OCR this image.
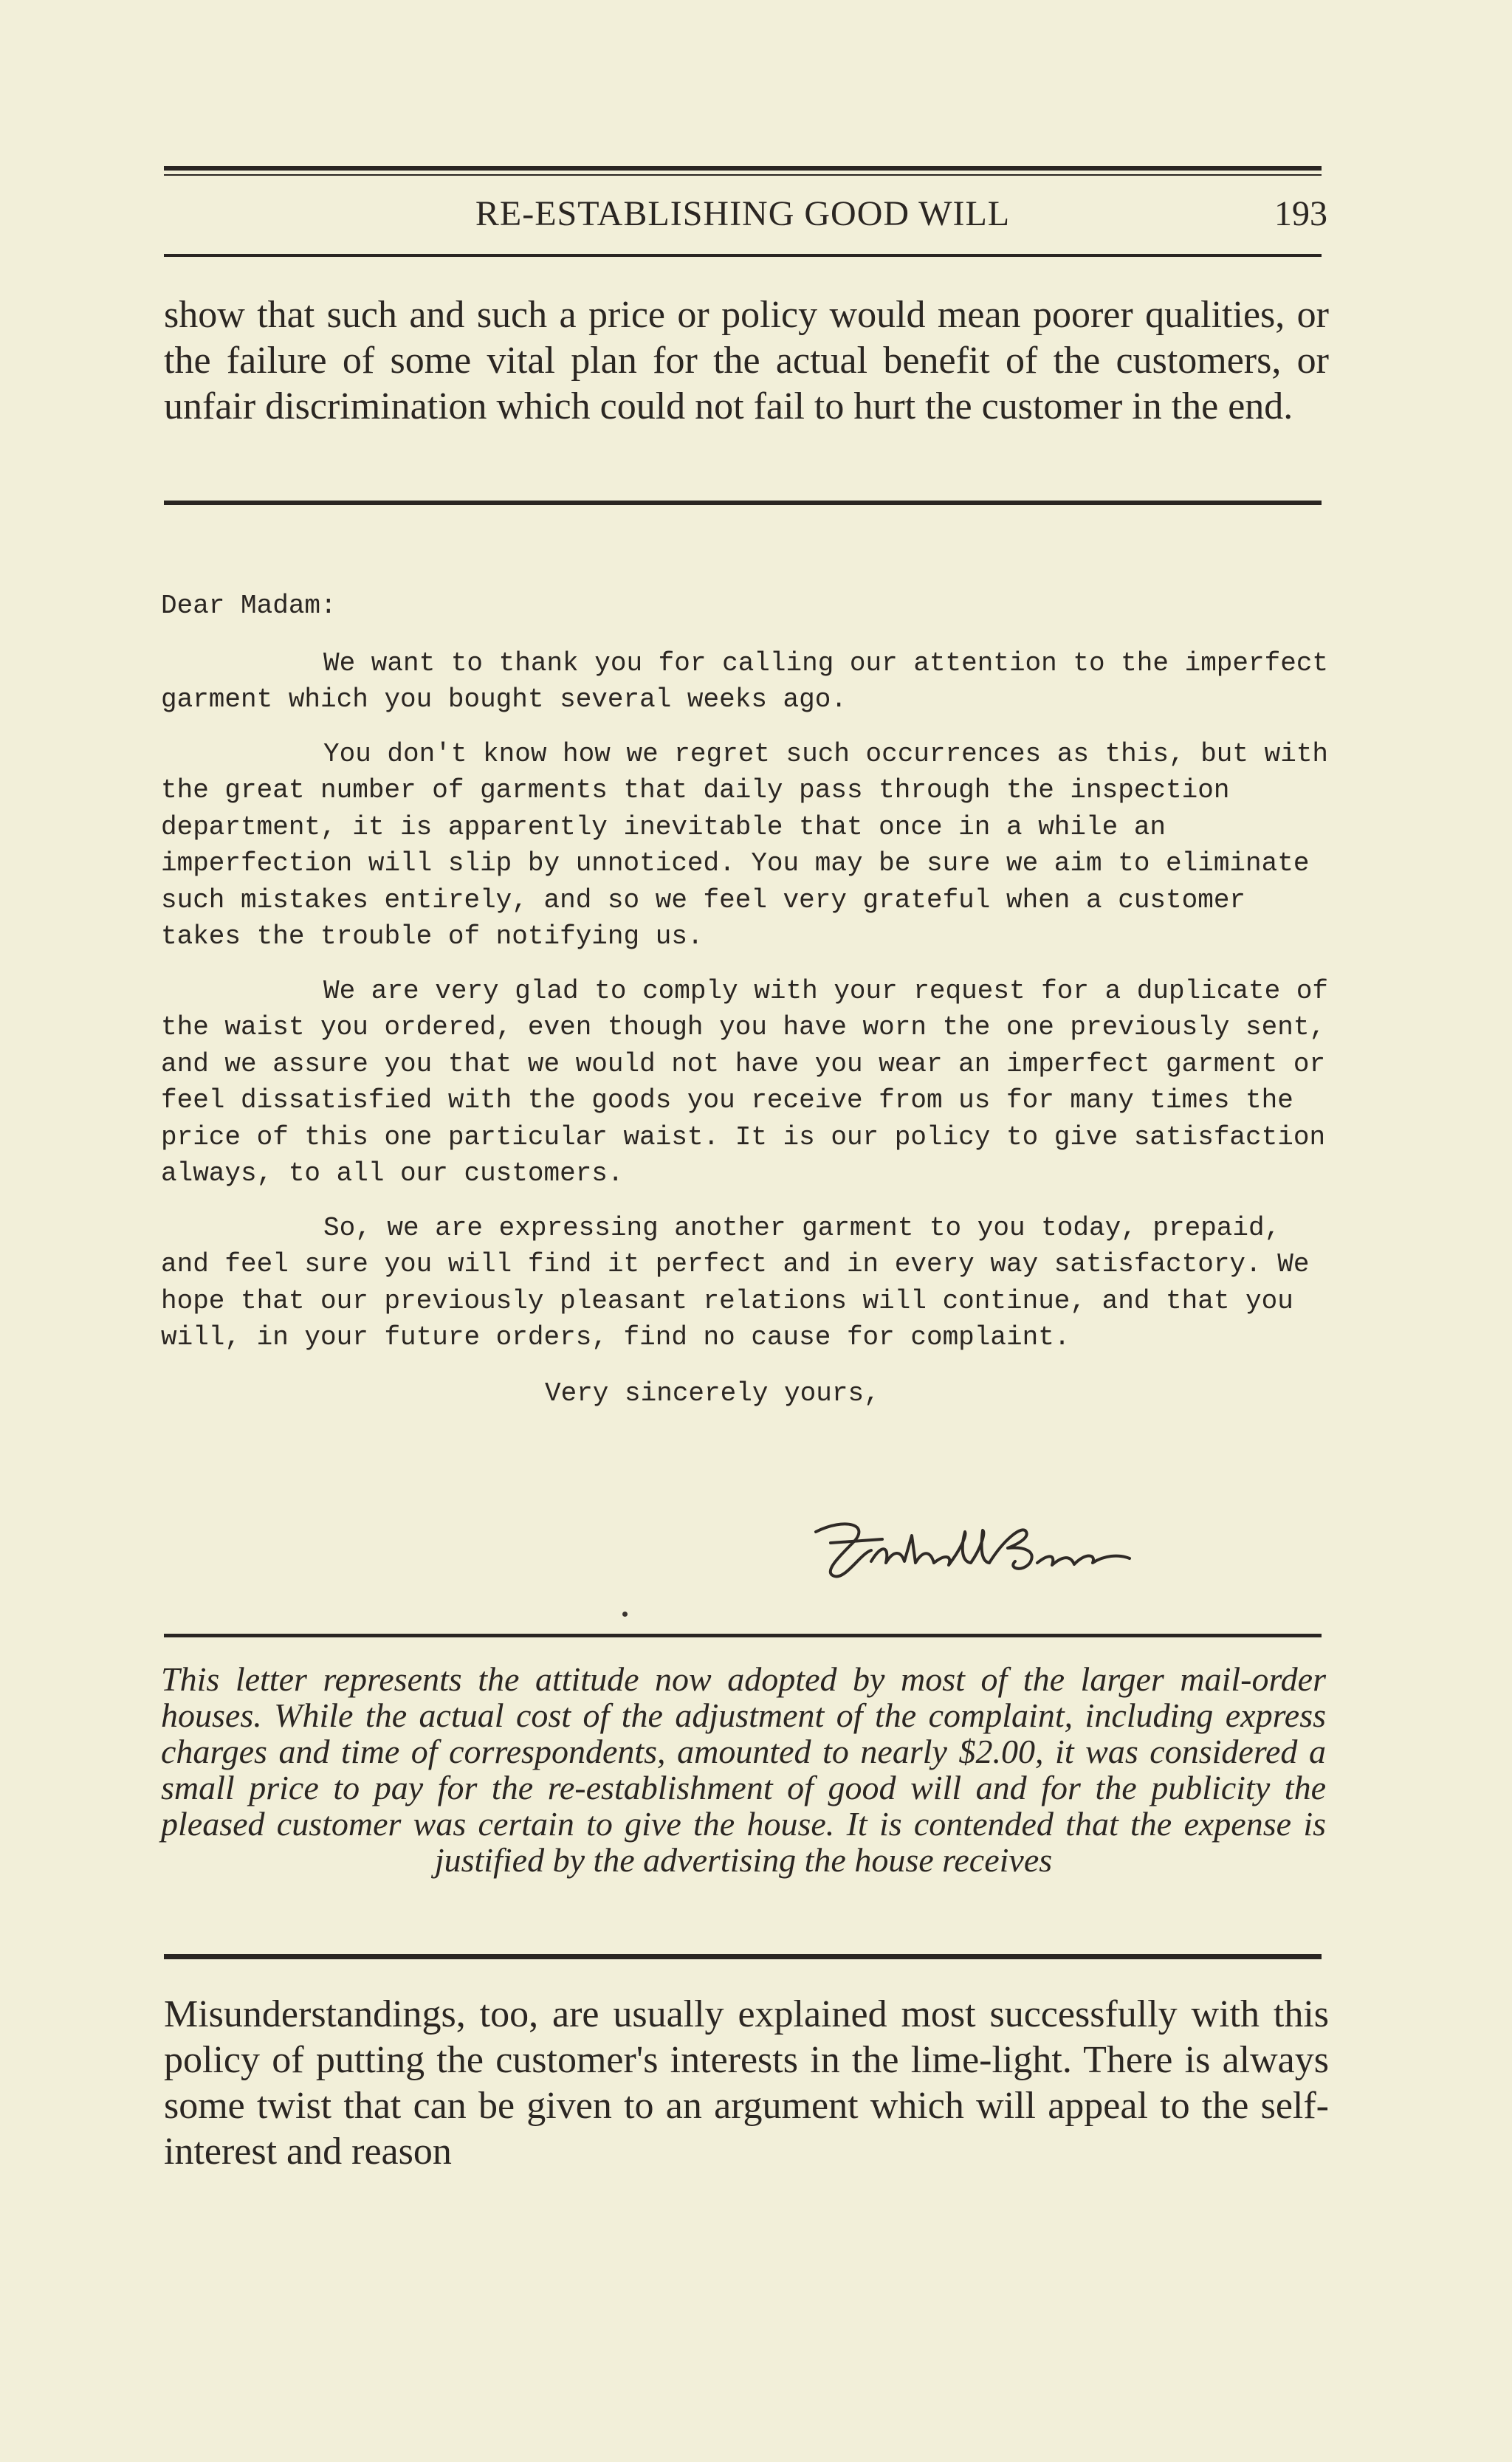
RE-ESTABLISHING GOOD WILL	193
show that such and such a price or policy would mean poorer qualities, or the failure of some vital plan for the actual benefit of the customers, or unfair discrimination which could not fail to hurt the customer in the end.

Dear Madam:

We want to thank you for calling our attention to the imperfect garment which you bought several weeks ago.

You don't know how we regret such occurrences as this, but with the great number of garments that daily pass through the inspection department, it is apparently inevitable that once in a while an imperfection will slip by unnoticed. You may be sure we aim to eliminate such mistakes entirely, and so we feel very grateful when a customer takes the trouble of notifying us.

We are very glad to comply with your request for a duplicate of the waist you ordered, even though you have worn the one previously sent, and we assure you that we would not have you wear an imperfect garment or feel dissatisfied with the goods you receive from us for many times the price of this one particular waist. It is our policy to give satisfaction always, to all our customers.

So, we are expressing another garment to you today, prepaid, and feel sure you will find it perfect and in every way satisfactory. We hope that our previously pleasant relations will continue, and that you will, in your future orders, find no cause for complaint.

Very sincerely yours,

This letter represents the attitude now adopted by most of the larger mail-order houses. While the actual cost of the adjustment of the complaint, including express charges and time of correspondents, amounted to nearly $2.00, it was considered a small price to pay for the re-establishment of good will and for the publicity the pleased customer was certain to give the house. It is contended that the expense is justified by the advertising the house receives
Misunderstandings, too, are usually explained most successfully with this policy of putting the customer's interests in the lime-light. There is always some twist that can be given to an argument which will appeal to the self-interest and reason
